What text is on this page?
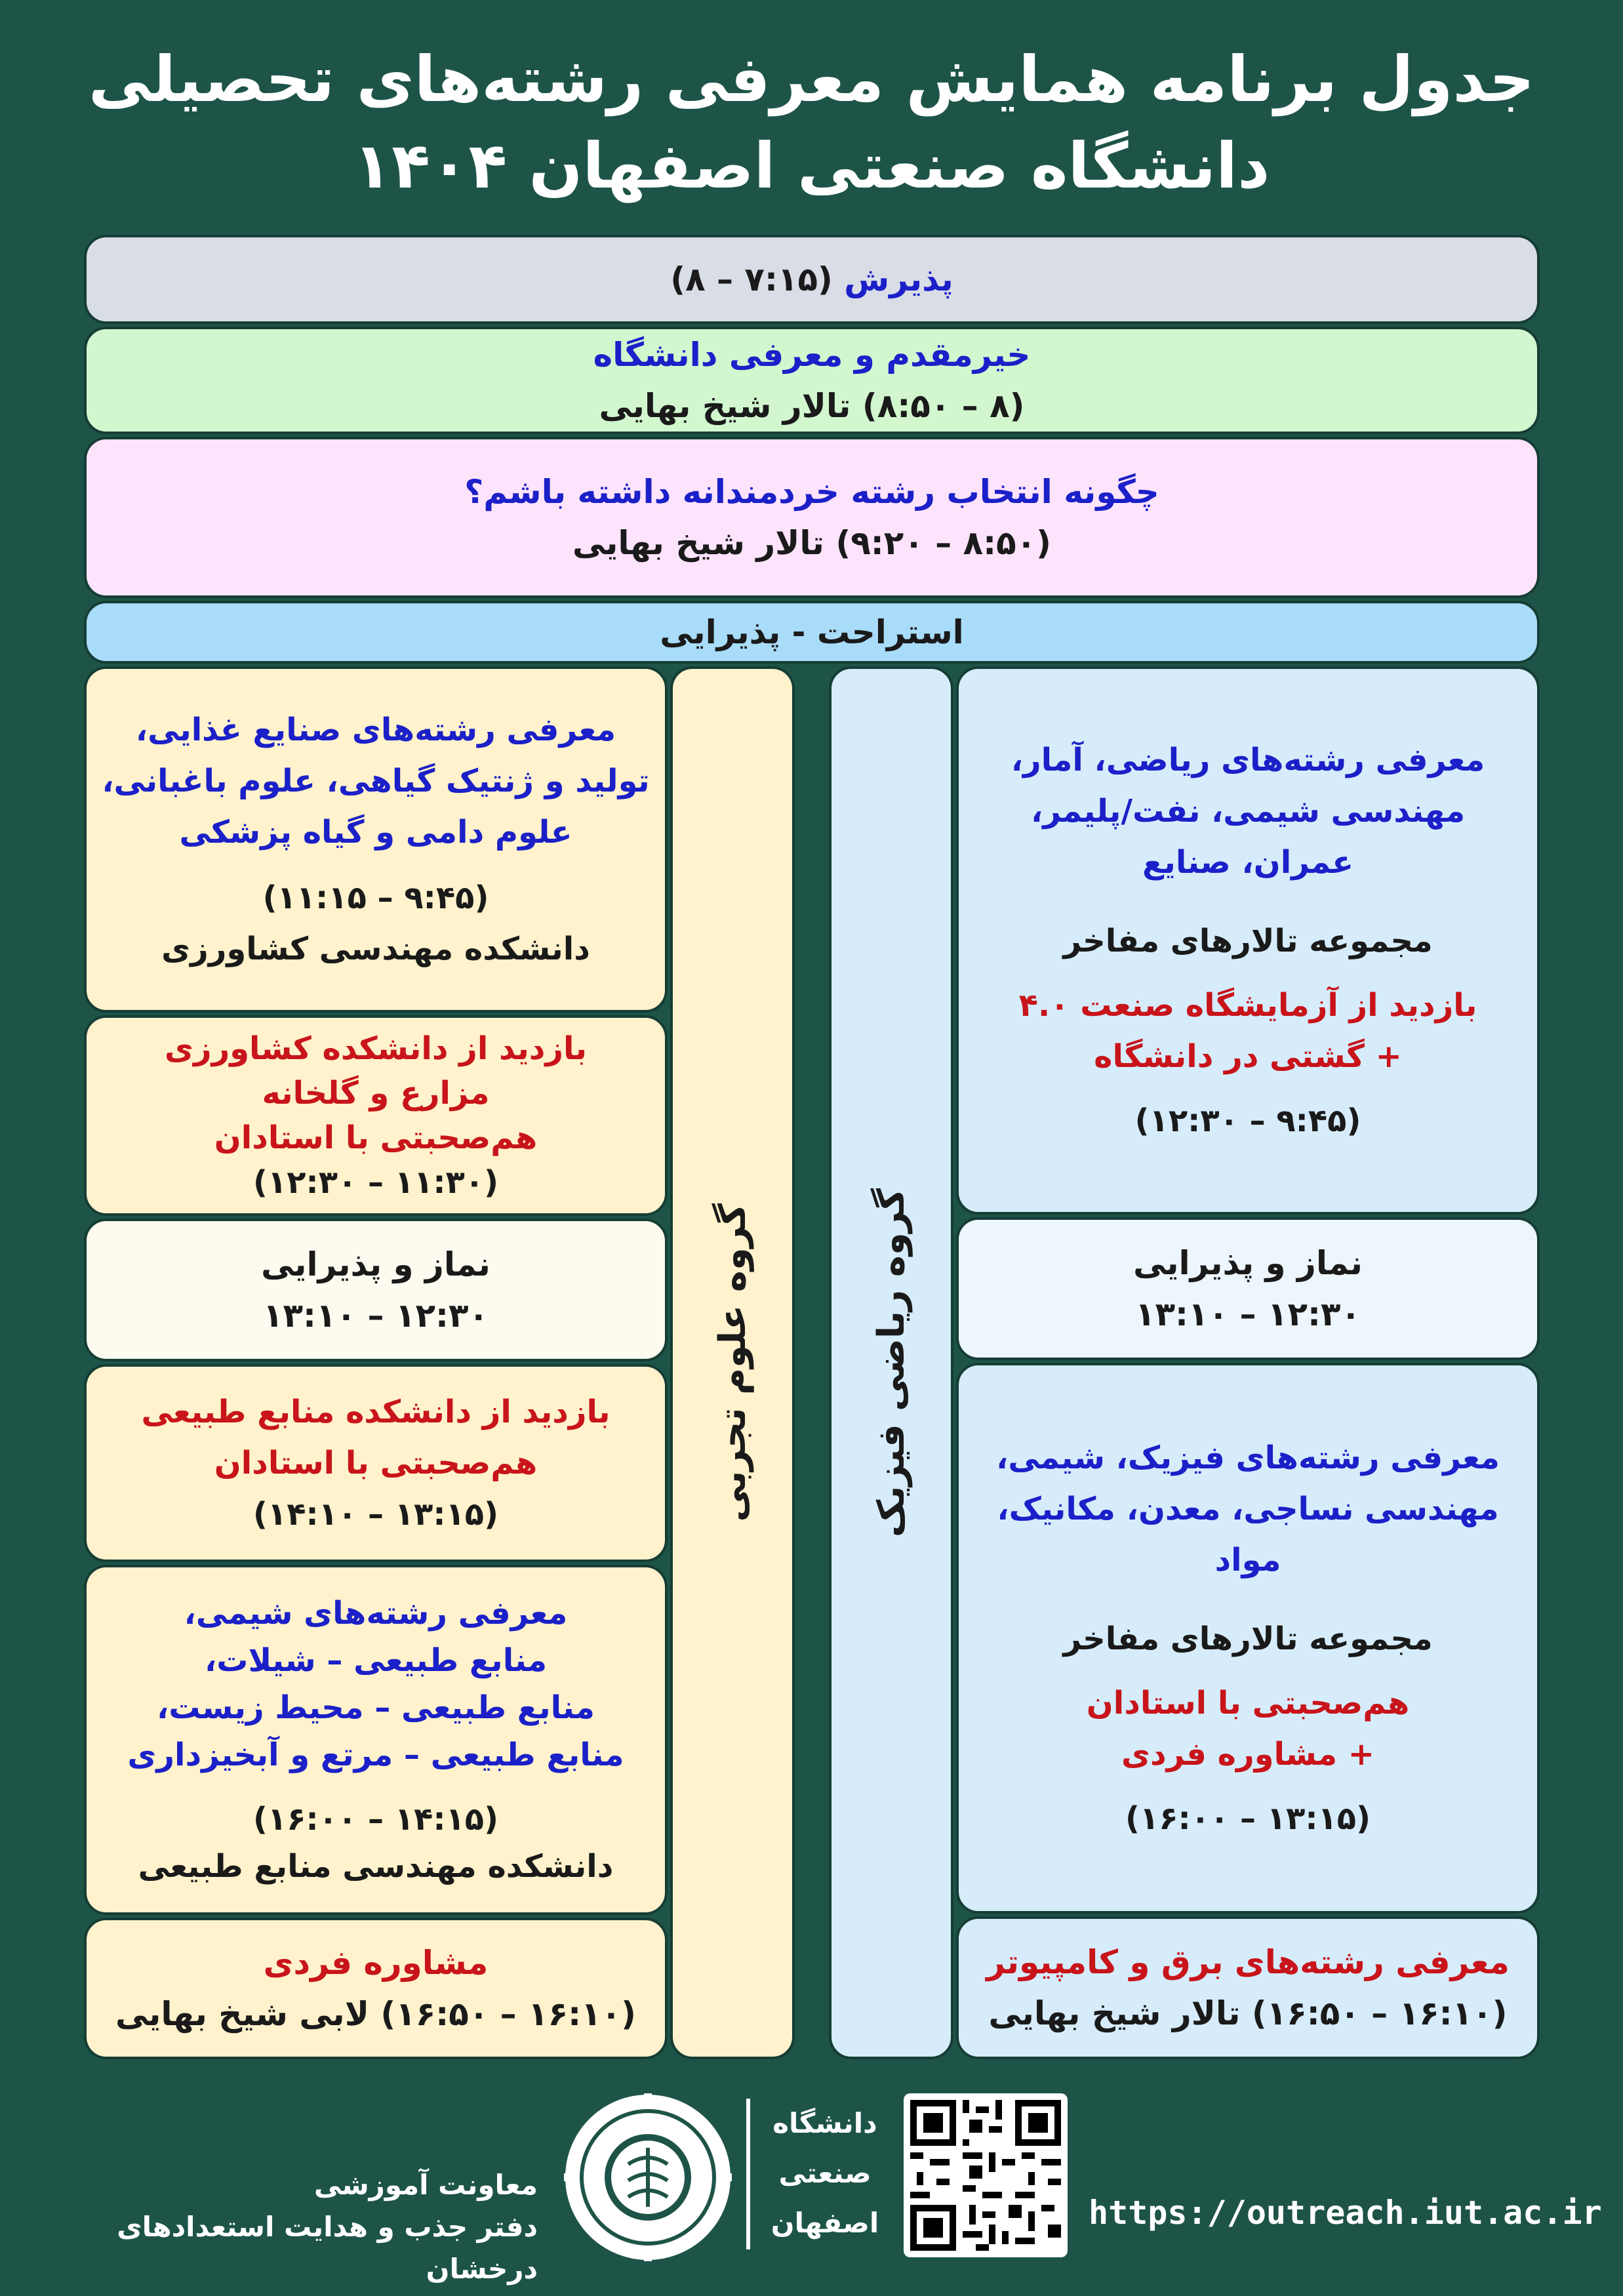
جدول برنامه همایش معرفی رشته‌های تحصیلی
دانشگاه صنعتی اصفهان ۱۴۰۴
پذیرش (۷:۱۵ – ۸)
خیرمقدم و معرفی دانشگاه
(۸ – ۸:۵۰) تالار شیخ بهایی
چگونه انتخاب رشته خردمندانه داشته باشم؟
(۸:۵۰ – ۹:۲۰) تالار شیخ بهایی
استراحت - پذیرایی
معرفی رشته‌های ریاضی، آمار،
مهندسی شیمی، نفت/پلیمر،
عمران، صنایع
مجموعه تالارهای مفاخر
بازدید از آزمایشگاه صنعت ۴.۰
+ گشتی در دانشگاه
(۹:۴۵ – ۱۲:۳۰)
نماز و پذیرایی
۱۲:۳۰ – ۱۳:۱۰
معرفی رشته‌های فیزیک، شیمی،
مهندسی نساجی، معدن، مکانیک، مواد
مجموعه تالارهای مفاخر
هم‌صحبتی با استادان
+ مشاوره فردی
(۱۳:۱۵ – ۱۶:۰۰)
معرفی رشته‌های برق و کامپیوتر
(۱۶:۱۰ – ۱۶:۵۰) تالار شیخ بهایی
گروه ریاضی فیزیک
گروه علوم تجربی
معرفی رشته‌های صنایع غذایی،
تولید و ژنتیک گیاهی، علوم باغبانی،
علوم دامی و گیاه پزشکی
(۹:۴۵ – ۱۱:۱۵)
دانشکده مهندسی کشاورزی
بازدید از دانشکده کشاورزی
مزارع و گلخانه
هم‌صحبتی با استادان
(۱۱:۳۰ – ۱۲:۳۰)
نماز و پذیرایی
۱۲:۳۰ – ۱۳:۱۰
بازدید از دانشکده منابع طبیعی
هم‌صحبتی با استادان
(۱۳:۱۵ – ۱۴:۱۰)
معرفی رشته‌های شیمی،
منابع طبیعی – شیلات،
منابع طبیعی – محیط زیست،
منابع طبیعی – مرتع و آبخیزداری
(۱۴:۱۵ – ۱۶:۰۰)
دانشکده مهندسی منابع طبیعی
مشاوره فردی
(۱۶:۱۰ – ۱۶:۵۰) لابی شیخ بهایی
https://outreach.iut.ac.ir
دانشگاه
صنعتی
اصفهان
معاونت آموزشی
دفتر جذب و هدایت استعدادهای درخشان
